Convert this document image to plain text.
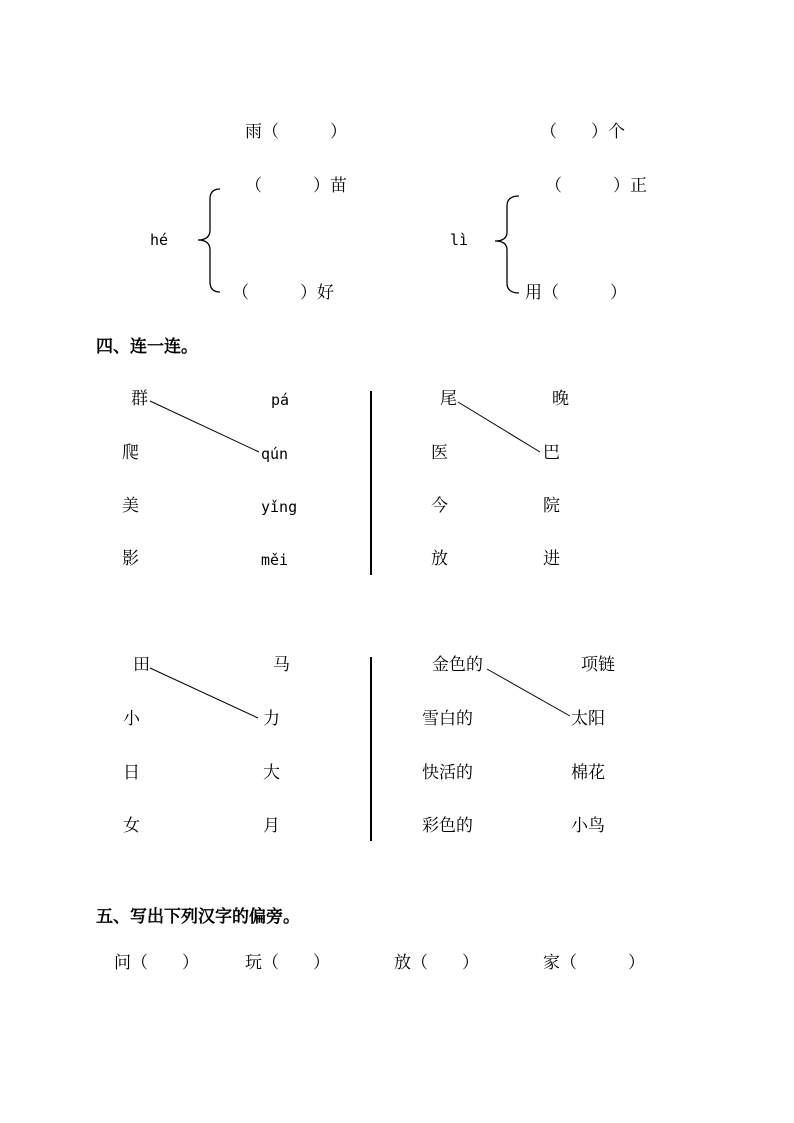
雨（　　　）
（　　　）苗
hé
（　　　）好
（　　）个
（　　　）正
lì
用（　　　）
四、连一连。
群
爬
美
影
pá
qún
yǐng
měi
尾
医
今
放
晚
巴
院
进
田
小
日
女
马
力
大
月
金色的
雪白的
快活的
彩色的
项链
太阳
棉花
小鸟
五、写出下列汉字的偏旁。
问（　　）	玩（　　）	放（　　）	家（　　　）
